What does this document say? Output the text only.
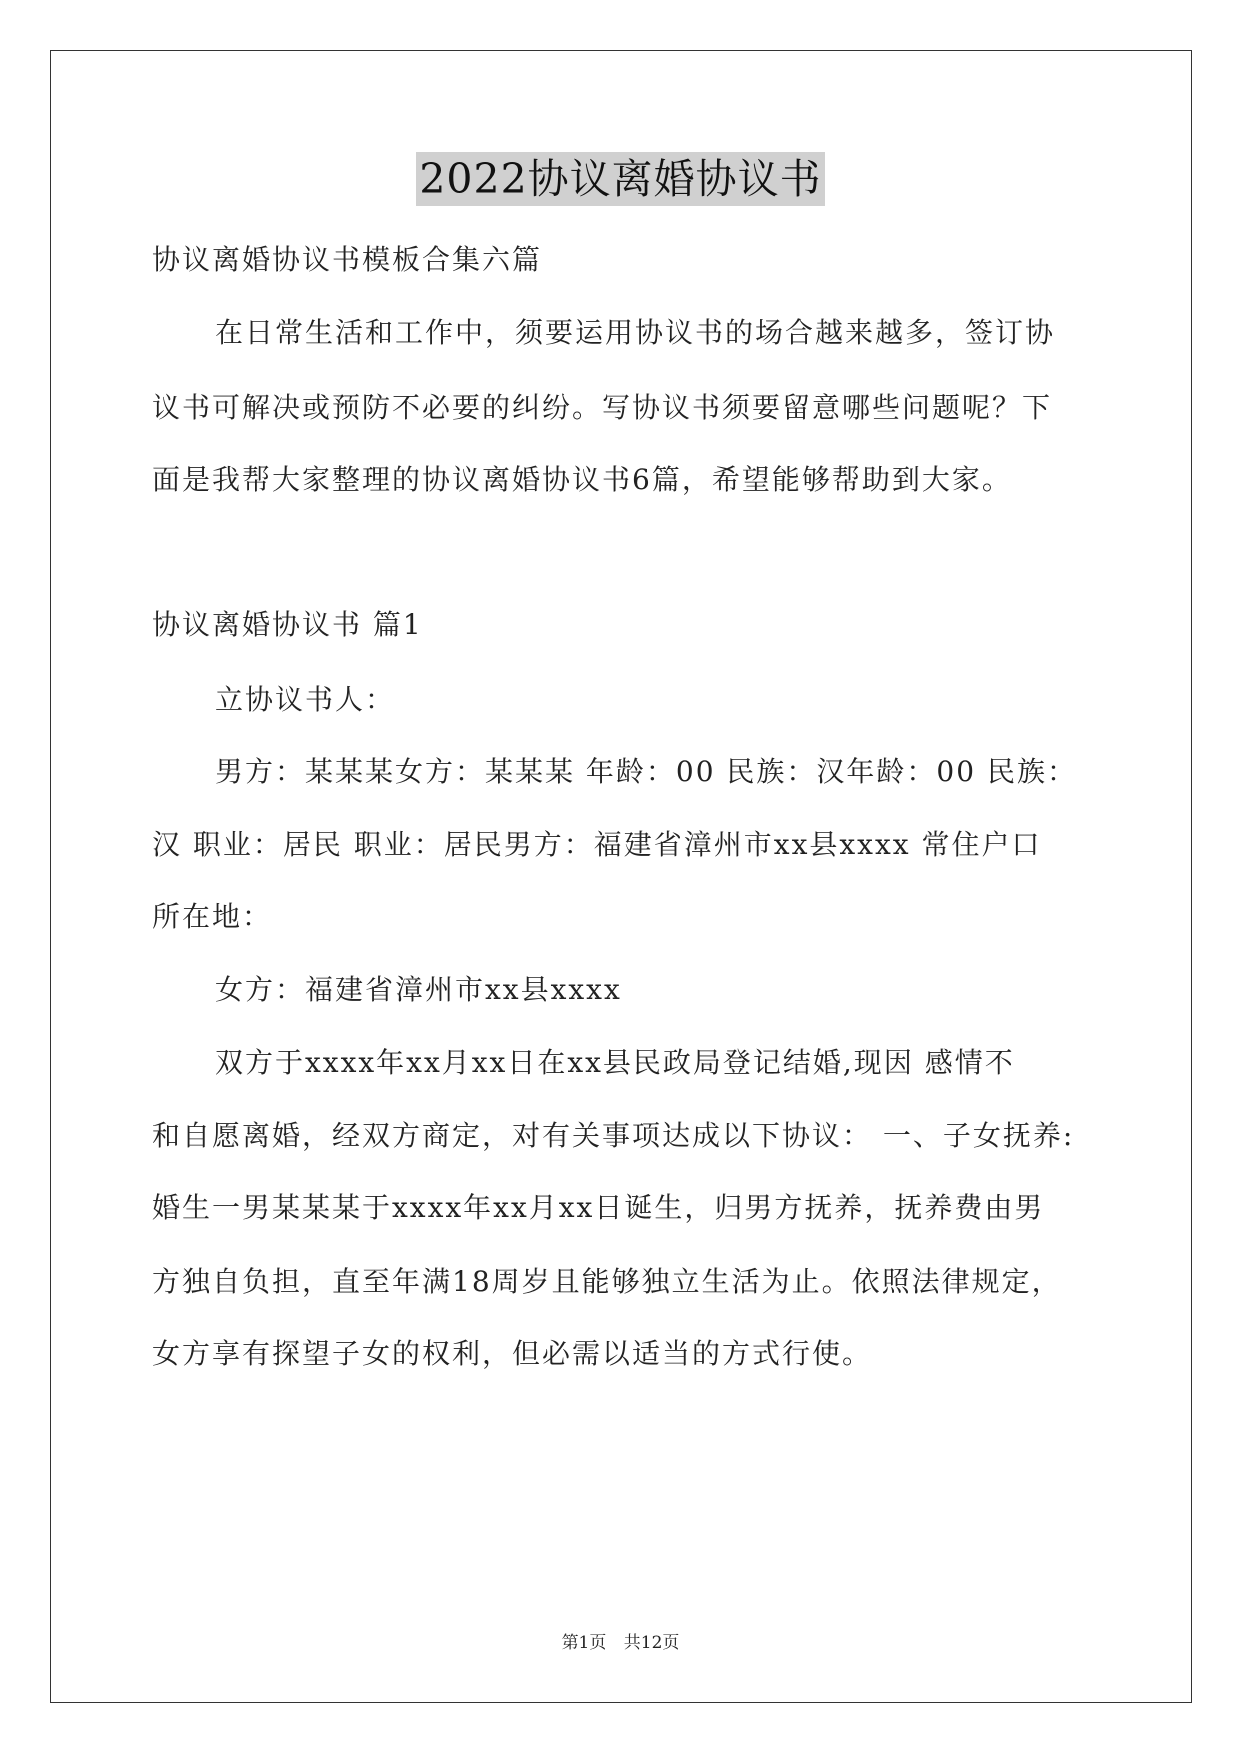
2022协议离婚协议书
协议离婚协议书模板合集六篇
在日常生活和工作中，须要运用协议书的场合越来越多，签订协
议书可解决或预防不必要的纠纷。写协议书须要留意哪些问题呢？下
面是我帮大家整理的协议离婚协议书6篇，希望能够帮助到大家。
协议离婚协议书 篇1
立协议书人：
男方：某某某女方：某某某 年龄：00 民族：汉年龄：00 民族：
汉 职业：居民 职业：居民男方：福建省漳州市xx县xxxx 常住户口
所在地：
女方：福建省漳州市xx县xxxx
双方于xxxx年xx月xx日在xx县民政局登记结婚,现因 感情不
和自愿离婚，经双方商定，对有关事项达成以下协议： 一、子女抚养:
婚生一男某某某于xxxx年xx月xx日诞生，归男方抚养，抚养费由男
方独自负担，直至年满18周岁且能够独立生活为止。依照法律规定，
女方享有探望子女的权利，但必需以适当的方式行使。
第1页 共12页
